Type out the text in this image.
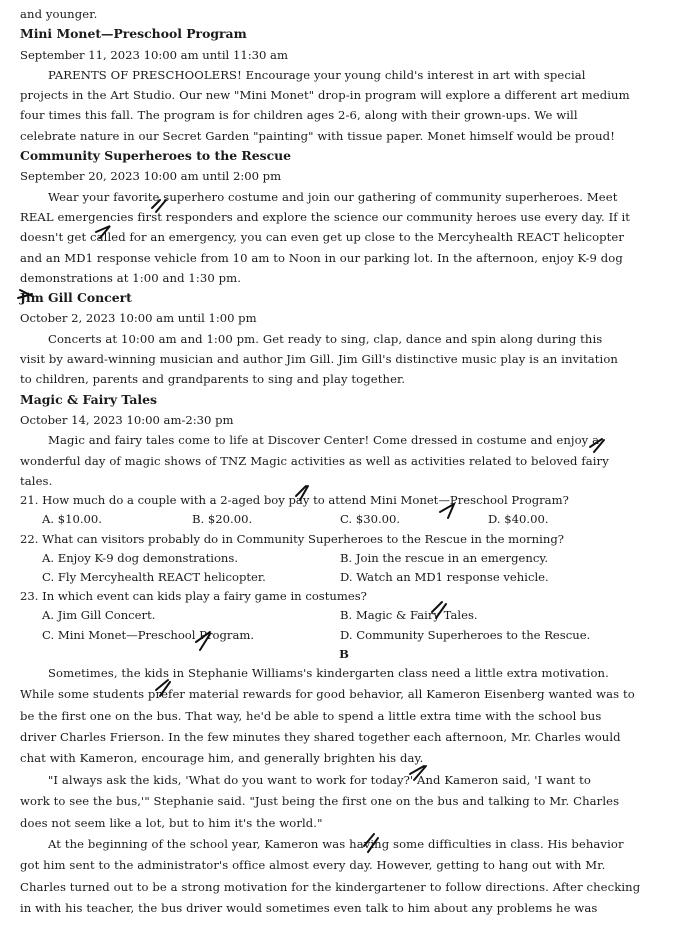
and younger.
Mini Monet—Preschool Program
September 11, 2023 10:00 am until 11:30 am
PARENTS OF PRESCHOOLERS! Encourage your young child's interest in art with special
projects in the Art Studio. Our new "Mini Monet" drop-in program will explore a different art medium
four times this fall. The program is for children ages 2-6, along with their grown-ups. We will
celebrate nature in our Secret Garden "painting" with tissue paper. Monet himself would be proud!
Community Superheroes to the Rescue
September 20, 2023 10:00 am until 2:00 pm
Wear your favorite superhero costume and join our gathering of community superheroes. Meet
REAL emergencies first responders and explore the science our community heroes use every day. If it
doesn't get called for an emergency, you can even get up close to the Mercyhealth REACT helicopter
and an MD1 response vehicle from 10 am to Noon in our parking lot. In the afternoon, enjoy K-9 dog
demonstrations at 1:00 and 1:30 pm.
Jim Gill Concert
October 2, 2023 10:00 am until 1:00 pm
Concerts at 10:00 am and 1:00 pm. Get ready to sing, clap, dance and spin along during this
visit by award-winning musician and author Jim Gill. Jim Gill's distinctive music play is an invitation
to children, parents and grandparents to sing and play together.
Magic & Fairy Tales
October 14, 2023 10:00 am-2:30 pm
Magic and fairy tales come to life at Discover Center! Come dressed in costume and enjoy a
wonderful day of magic shows of TNZ Magic activities as well as activities related to beloved fairy
tales.
21. How much do a couple with a 2-aged boy pay to attend Mini Monet—Preschool Program?
A. $10.00.	B. $20.00.	C. $30.00.	D. $40.00.
22. What can visitors probably do in Community Superheroes to the Rescue in the morning?
A. Enjoy K-9 dog demonstrations.	B. Join the rescue in an emergency.
C. Fly Mercyhealth REACT helicopter.	D. Watch an MD1 response vehicle.
23. In which event can kids play a fairy game in costumes?
A. Jim Gill Concert.	B. Magic & Fairy Tales.
C. Mini Monet—Preschool Program.	D. Community Superheroes to the Rescue.
B
Sometimes, the kids in Stephanie Williams's kindergarten class need a little extra motivation.
While some students prefer material rewards for good behavior, all Kameron Eisenberg wanted was to
be the first one on the bus. That way, he'd be able to spend a little extra time with the school bus
driver Charles Frierson. In the few minutes they shared together each afternoon, Mr. Charles would
chat with Kameron, encourage him, and generally brighten his day.
"I always ask the kids, 'What do you want to work for today?' And Kameron said, 'I want to
work to see the bus,'" Stephanie said. "Just being the first one on the bus and talking to Mr. Charles
does not seem like a lot, but to him it's the world."
At the beginning of the school year, Kameron was having some difficulties in class. His behavior
got him sent to the administrator's office almost every day. However, getting to hang out with Mr.
Charles turned out to be a strong motivation for the kindergartener to follow directions. After checking
in with his teacher, the bus driver would sometimes even talk to him about any problems he was
